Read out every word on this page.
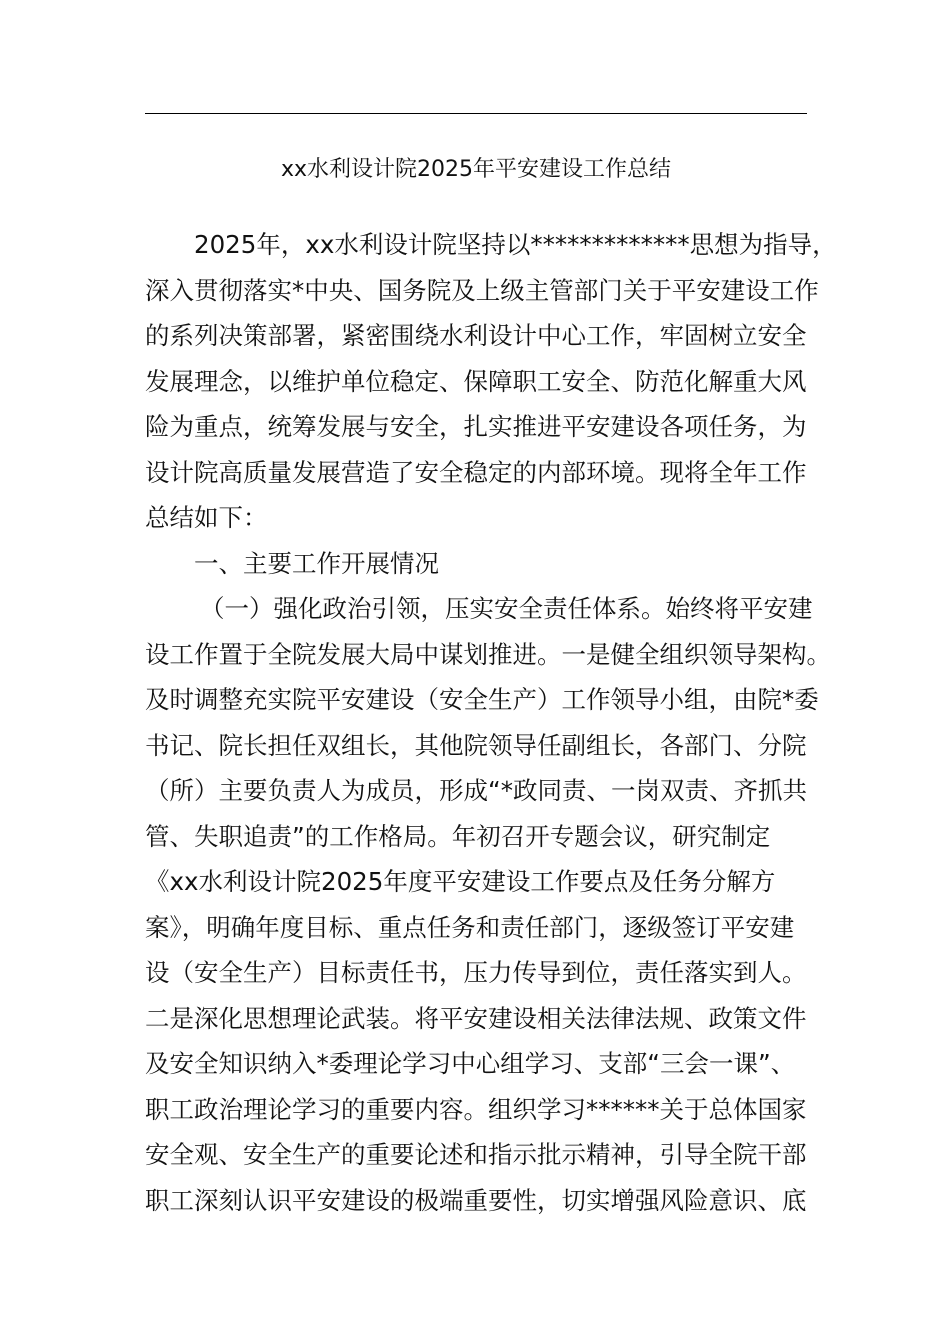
xx水利设计院2025年平安建设工作总结
2025年，xx水利设计院坚持以*************思想为指导，
深入贯彻落实*中央、国务院及上级主管部门关于平安建设工作
的系列决策部署，紧密围绕水利设计中心工作，牢固树立安全
发展理念，以维护单位稳定、保障职工安全、防范化解重大风
险为重点，统筹发展与安全，扎实推进平安建设各项任务，为
设计院高质量发展营造了安全稳定的内部环境。现将全年工作
总结如下：
一、主要工作开展情况
（一）强化政治引领，压实安全责任体系。始终将平安建
设工作置于全院发展大局中谋划推进。一是健全组织领导架构。
及时调整充实院平安建设（安全生产）工作领导小组，由院*委
书记、院长担任双组长，其他院领导任副组长，各部门、分院
（所）主要负责人为成员，形成“*政同责、一岗双责、齐抓共
管、失职追责”的工作格局。年初召开专题会议，研究制定
《xx水利设计院2025年度平安建设工作要点及任务分解方
案》，明确年度目标、重点任务和责任部门，逐级签订平安建
设（安全生产）目标责任书，压力传导到位，责任落实到人。
二是深化思想理论武装。将平安建设相关法律法规、政策文件
及安全知识纳入*委理论学习中心组学习、支部“三会一课”、
职工政治理论学习的重要内容。组织学习******关于总体国家
安全观、安全生产的重要论述和指示批示精神，引导全院干部
职工深刻认识平安建设的极端重要性，切实增强风险意识、底
